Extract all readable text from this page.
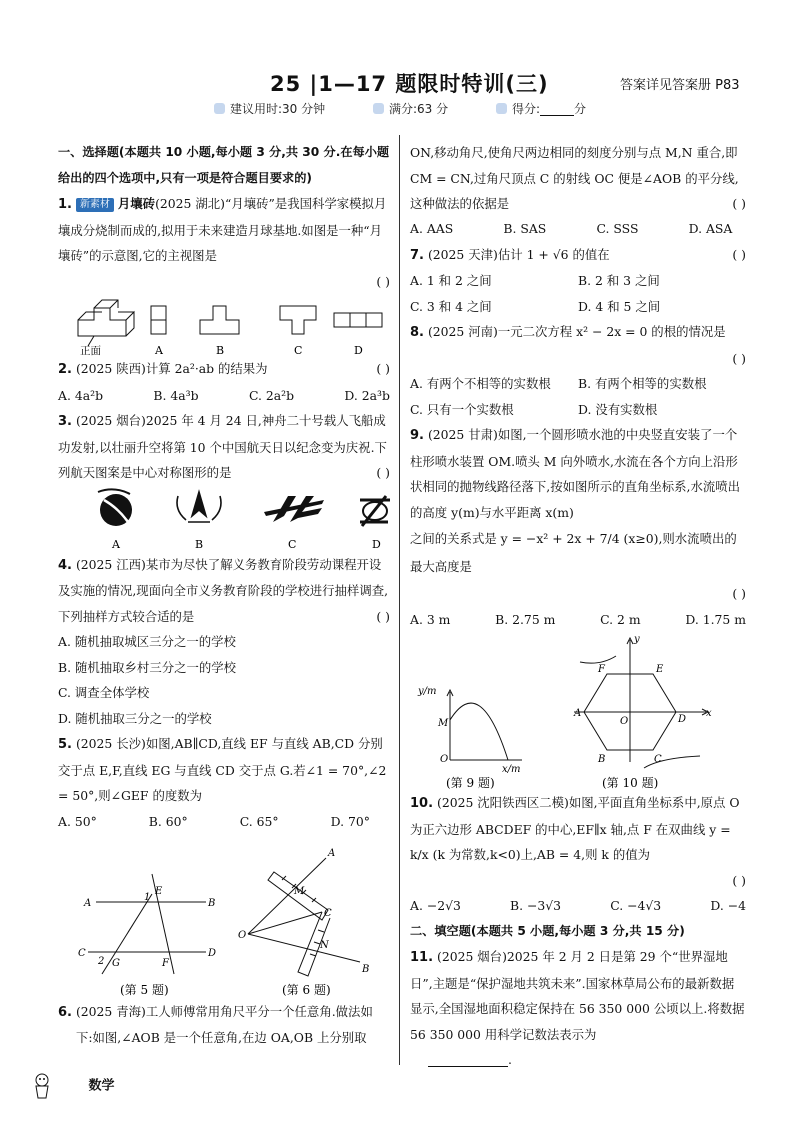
25 |1—17 题限时特训(三)	答案详见答案册 P83
建议用时:30 分钟	满分:63 分	得分:	分
一、选择题(本题共 10 小题,每小题 3 分,共 30 分.在每小题给出的四个选项中,只有一项是符合题目要求的)
1. 新素材 月壤砖(2025 湖北)“月壤砖”是我国科学家模拟月壤成分烧制而成的,拟用于未来建造月球基地.如图是一种“月壤砖”的示意图,它的主视图是
( )
正面	A	B	C	D
2. (2025 陕西)计算 2a²·ab 的结果为	( )
A. 4a²b	B. 4a³b	C. 2a²b	D. 2a³b
3. (2025 烟台)2025 年 4 月 24 日,神舟二十号载人飞船成功发射,以壮丽升空将第 10 个中国航天日以纪念变为庆祝.下列航天图案是中心对称图形的是	( )
A	B	C	D
4. (2025 江西)某市为尽快了解义务教育阶段劳动课程开设及实施的情况,现面向全市义务教育阶段的学校进行抽样调查,下列抽样方式较合适的是	( )
A. 随机抽取城区三分之一的学校
B. 随机抽取乡村三分之一的学校
C. 调查全体学校
D. 随机抽取三分之一的学校
5. (2025 长沙)如图,AB∥CD,直线 EF 与直线 AB,CD 分别交于点 E,F,直线 EG 与直线 CD 交于点 G.若∠1 = 70°,∠2 = 50°,则∠GEF 的度数为
A. 50°	B. 60°	C. 65°	D. 70°
A	B
C	D
E
1
F
G
2
(第 5 题)
A
B
O
C
M
N
(第 6 题)
6. (2025 青海)工人师傅常用角尺平分一个任意角.做法如下:如图,∠AOB 是一个任意角,在边 OA,OB 上分别取
ON,移动角尺,使角尺两边相同的刻度分别与点 M,N 重合,即 CM = CN,过角尺顶点 C 的射线 OC 便是∠AOB 的平分线,这种做法的依据是	( )
A. AAS	B. SAS	C. SSS	D. ASA
7. (2025 天津)估计 1 + √6 的值在	( )
A. 1 和 2 之间	B. 2 和 3 之间
C. 3 和 4 之间	D. 4 和 5 之间
8. (2025 河南)一元二次方程 x² − 2x = 0 的根的情况是
( )
A. 有两个不相等的实数根	B. 有两个相等的实数根
C. 只有一个实数根	D. 没有实数根
9. (2025 甘肃)如图,一个圆形喷水池的中央竖直安装了一个柱形喷水装置 OM.喷头 M 向外喷水,水流在各个方向上沿形状相同的抛物线路径落下,按如图所示的直角坐标系,水流喷出的高度 y(m)与水平距离 x(m)
之间的关系式是 y = −x² + 2x + 7/4 (x≥0),则水流喷出的最大高度是
( )
A. 3 m	B. 2.75 m	C. 2 m	D. 1.75 m
y/m
M
O
x/m
(第 9 题)
F	E
A
D
O
B	C
y
x
(第 10 题)
10. (2025 沈阳铁西区二模)如图,平面直角坐标系中,原点 O 为正六边形 ABCDEF 的中心,EF∥x 轴,点 F 在双曲线 y = k/x (k 为常数,k<0)上,AB = 4,则 k 的值为
( )
A. −2√3	B. −3√3	C. −4√3	D. −4
二、填空题(本题共 5 小题,每小题 3 分,共 15 分)
11. (2025 烟台)2025 年 2 月 2 日是第 29 个“世界湿地日”,主题是“保护湿地共筑未来”.国家林草局公布的最新数据显示,全国湿地面积稳定保持在 56 350 000 公顷以上.将数据 56 350 000 用科学记数法表示为
.
数学
